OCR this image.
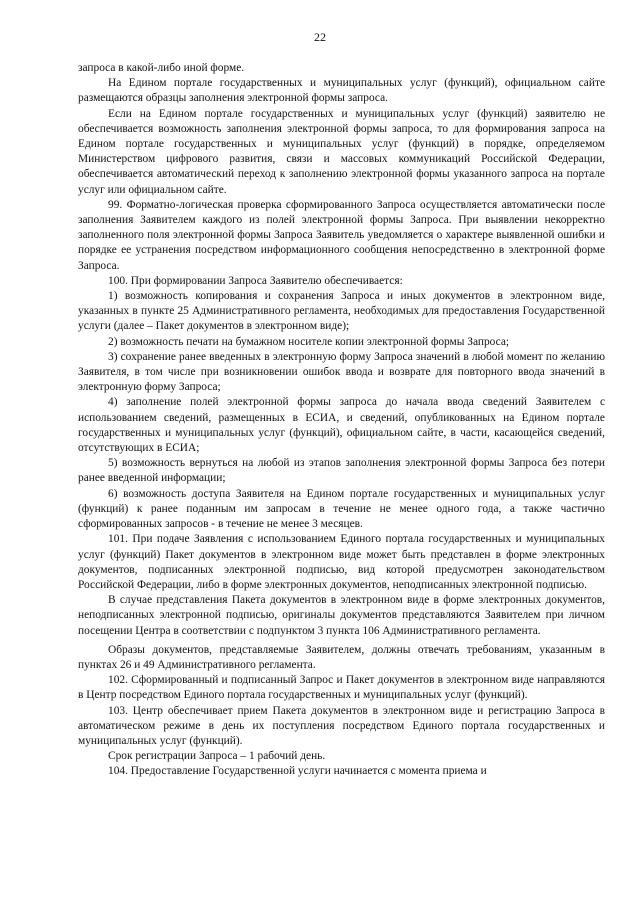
22

запроса в какой-либо иной форме.

На Едином портале государственных и муниципальных услуг (функций), официальном сайте размещаются образцы заполнения электронной формы запроса.

Если на Едином портале государственных и муниципальных услуг (функций) заявителю не обеспечивается возможность заполнения электронной формы запроса, то для формирования запроса на Едином портале государственных и муниципальных услуг (функций) в порядке, определяемом Министерством цифрового развития, связи и массовых коммуникаций Российской Федерации, обеспечивается автоматический переход к заполнению электронной формы указанного запроса на портале услуг или официальном сайте.

99. Форматно-логическая проверка сформированного Запроса осуществляется автоматически после заполнения Заявителем каждого из полей электронной формы Запроса. При выявлении некорректно заполненного поля электронной формы Запроса Заявитель уведомляется о характере выявленной ошибки и порядке ее устранения посредством информационного сообщения непосредственно в электронной форме Запроса.

100. При формировании Запроса Заявителю обеспечивается:

1) возможность копирования и сохранения Запроса и иных документов в электронном виде, указанных в пункте 25 Административного регламента, необходимых для предоставления Государственной услуги (далее – Пакет документов в электронном виде);

2) возможность печати на бумажном носителе копии электронной формы Запроса;

3) сохранение ранее введенных в электронную форму Запроса значений в любой момент по желанию Заявителя, в том числе при возникновении ошибок ввода и возврате для повторного ввода значений в электронную форму Запроса;

4) заполнение полей электронной формы запроса до начала ввода сведений Заявителем с использованием сведений, размещенных в ЕСИА, и сведений, опубликованных на Едином портале государственных и муниципальных услуг (функций), официальном сайте, в части, касающейся сведений, отсутствующих в ЕСИА;

5) возможность вернуться на любой из этапов заполнения электронной формы Запроса без потери ранее введенной информации;

6) возможность доступа Заявителя на Едином портале государственных и муниципальных услуг (функций) к ранее поданным им запросам в течение не менее одного года, а также частично сформированных запросов - в течение не менее 3 месяцев.

101. При подаче Заявления с использованием Единого портала государственных и муниципальных услуг (функций) Пакет документов в электронном виде может быть представлен в форме электронных документов, подписанных электронной подписью, вид которой предусмотрен законодательством Российской Федерации, либо в форме электронных документов, неподписанных электронной подписью.

В случае представления Пакета документов в электронном виде в форме электронных документов, неподписанных электронной подписью, оригиналы документов представляются Заявителем при личном посещении Центра в соответствии с подпунктом 3 пункта 106 Административного регламента.

Образы документов, представляемые Заявителем, должны отвечать требованиям, указанным в пунктах 26 и 49 Административного регламента.

102. Сформированный и подписанный Запрос и Пакет документов в электронном виде направляются в Центр посредством Единого портала государственных и муниципальных услуг (функций).

103. Центр обеспечивает прием Пакета документов в электронном виде и регистрацию Запроса в автоматическом режиме в день их поступления посредством Единого портала государственных и муниципальных услуг (функций).

Срок регистрации Запроса – 1 рабочий день.

104. Предоставление Государственной услуги начинается с момента приема и
